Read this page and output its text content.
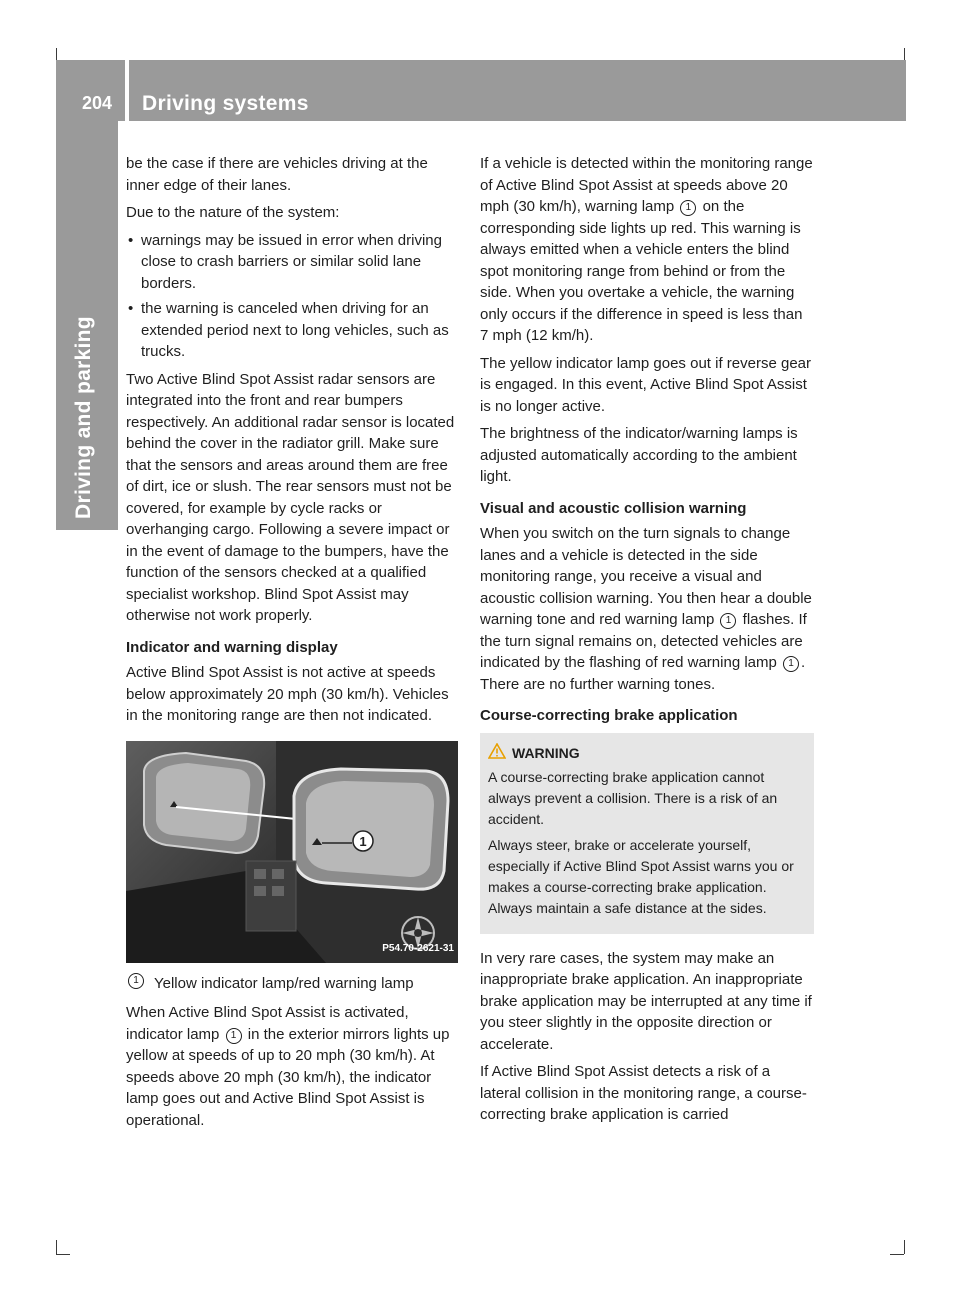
204 Driving systems
Driving and parking

be the case if there are vehicles driving at the inner edge of their lanes.

Due to the nature of the system:

• warnings may be issued in error when driving close to crash barriers or similar solid lane borders.
• the warning is canceled when driving for an extended period next to long vehicles, such as trucks.

Two Active Blind Spot Assist radar sensors are integrated into the front and rear bumpers respectively. An additional radar sensor is located behind the cover in the radiator grill. Make sure that the sensors and areas around them are free of dirt, ice or slush. The rear sensors must not be covered, for example by cycle racks or overhanging cargo. Following a severe impact or in the event of damage to the bumpers, have the function of the sensors checked at a qualified specialist workshop. Blind Spot Assist may otherwise not work properly.

Indicator and warning display

Active Blind Spot Assist is not active at speeds below approximately 20 mph (30 km/h). Vehicles in the monitoring range are then not indicated.

1
P54.70-2621-31
1	Yellow indicator lamp/red warning lamp

When Active Blind Spot Assist is activated, indicator lamp 1 in the exterior mirrors lights up yellow at speeds of up to 20 mph (30 km/h). At speeds above 20 mph (30 km/h), the indicator lamp goes out and Active Blind Spot Assist is operational.

If a vehicle is detected within the monitoring range of Active Blind Spot Assist at speeds above 20 mph (30 km/h), warning lamp 1 on the corresponding side lights up red. This warning is always emitted when a vehicle enters the blind spot monitoring range from behind or from the side. When you overtake a vehicle, the warning only occurs if the difference in speed is less than 7 mph (12 km/h).

The yellow indicator lamp goes out if reverse gear is engaged. In this event, Active Blind Spot Assist is no longer active.

The brightness of the indicator/warning lamps is adjusted automatically according to the ambient light.

Visual and acoustic collision warning

When you switch on the turn signals to change lanes and a vehicle is detected in the side monitoring range, you receive a visual and acoustic collision warning. You then hear a double warning tone and red warning lamp 1 flashes. If the turn signal remains on, detected vehicles are indicated by the flashing of red warning lamp 1 . There are no further warning tones.

Course-correcting brake application
WARNING

A course-correcting brake application cannot always prevent a collision. There is a risk of an accident.

Always steer, brake or accelerate yourself, especially if Active Blind Spot Assist warns you or makes a course-correcting brake application. Always maintain a safe distance at the sides.

In very rare cases, the system may make an inappropriate brake application. An inappropriate brake application may be interrupted at any time if you steer slightly in the opposite direction or accelerate.

If Active Blind Spot Assist detects a risk of a lateral collision in the monitoring range, a course-correcting brake application is carried
